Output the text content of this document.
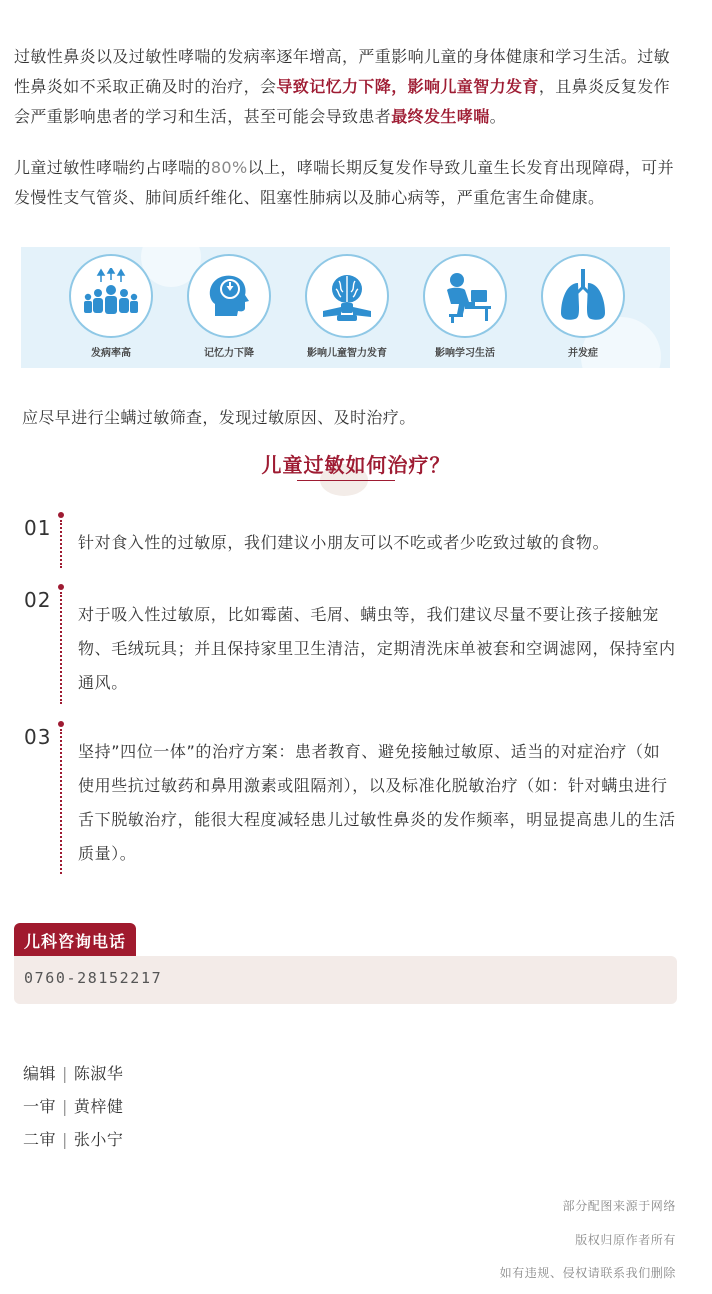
过敏性鼻炎以及过敏性哮喘的发病率逐年增高，严重影响儿童的身体健康和学习生活。过敏性鼻炎如不采取正确及时的治疗，会导致记忆力下降，影响儿童智力发育，且鼻炎反复发作会严重影响患者的学习和生活，甚至可能会导致患者最终发生哮喘。

儿童过敏性哮喘约占哮喘的80%以上，哮喘长期反复发作导致儿童生长发育出现障碍，可并发慢性支气管炎、肺间质纤维化、阻塞性肺病以及肺心病等，严重危害生命健康。

发病率高	记忆力下降	影响儿童智力发育	影响学习生活	并发症

应尽早进行尘螨过敏筛查，发现过敏原因、及时治疗。

儿童过敏如何治疗？
01
针对食入性的过敏原，我们建议小朋友可以不吃或者少吃致过敏的食物。
02
对于吸入性过敏原，比如霉菌、毛屑、螨虫等，我们建议尽量不要让孩子接触宠物、毛绒玩具；并且保持家里卫生清洁，定期清洗床单被套和空调滤网，保持室内通风。
03
坚持”四位一体”的治疗方案：患者教育、避免接触过敏原、适当的对症治疗（如使用些抗过敏药和鼻用激素或阻隔剂），以及标准化脱敏治疗（如：针对螨虫进行舌下脱敏治疗，能很大程度减轻患儿过敏性鼻炎的发作频率，明显提高患儿的生活质量）。
儿科咨询电话
0760-28152217
编辑 | 陈淑华
一审 | 黄梓健
二审 | 张小宁
部分配图来源于网络
版权归原作者所有
如有违规、侵权请联系我们删除
